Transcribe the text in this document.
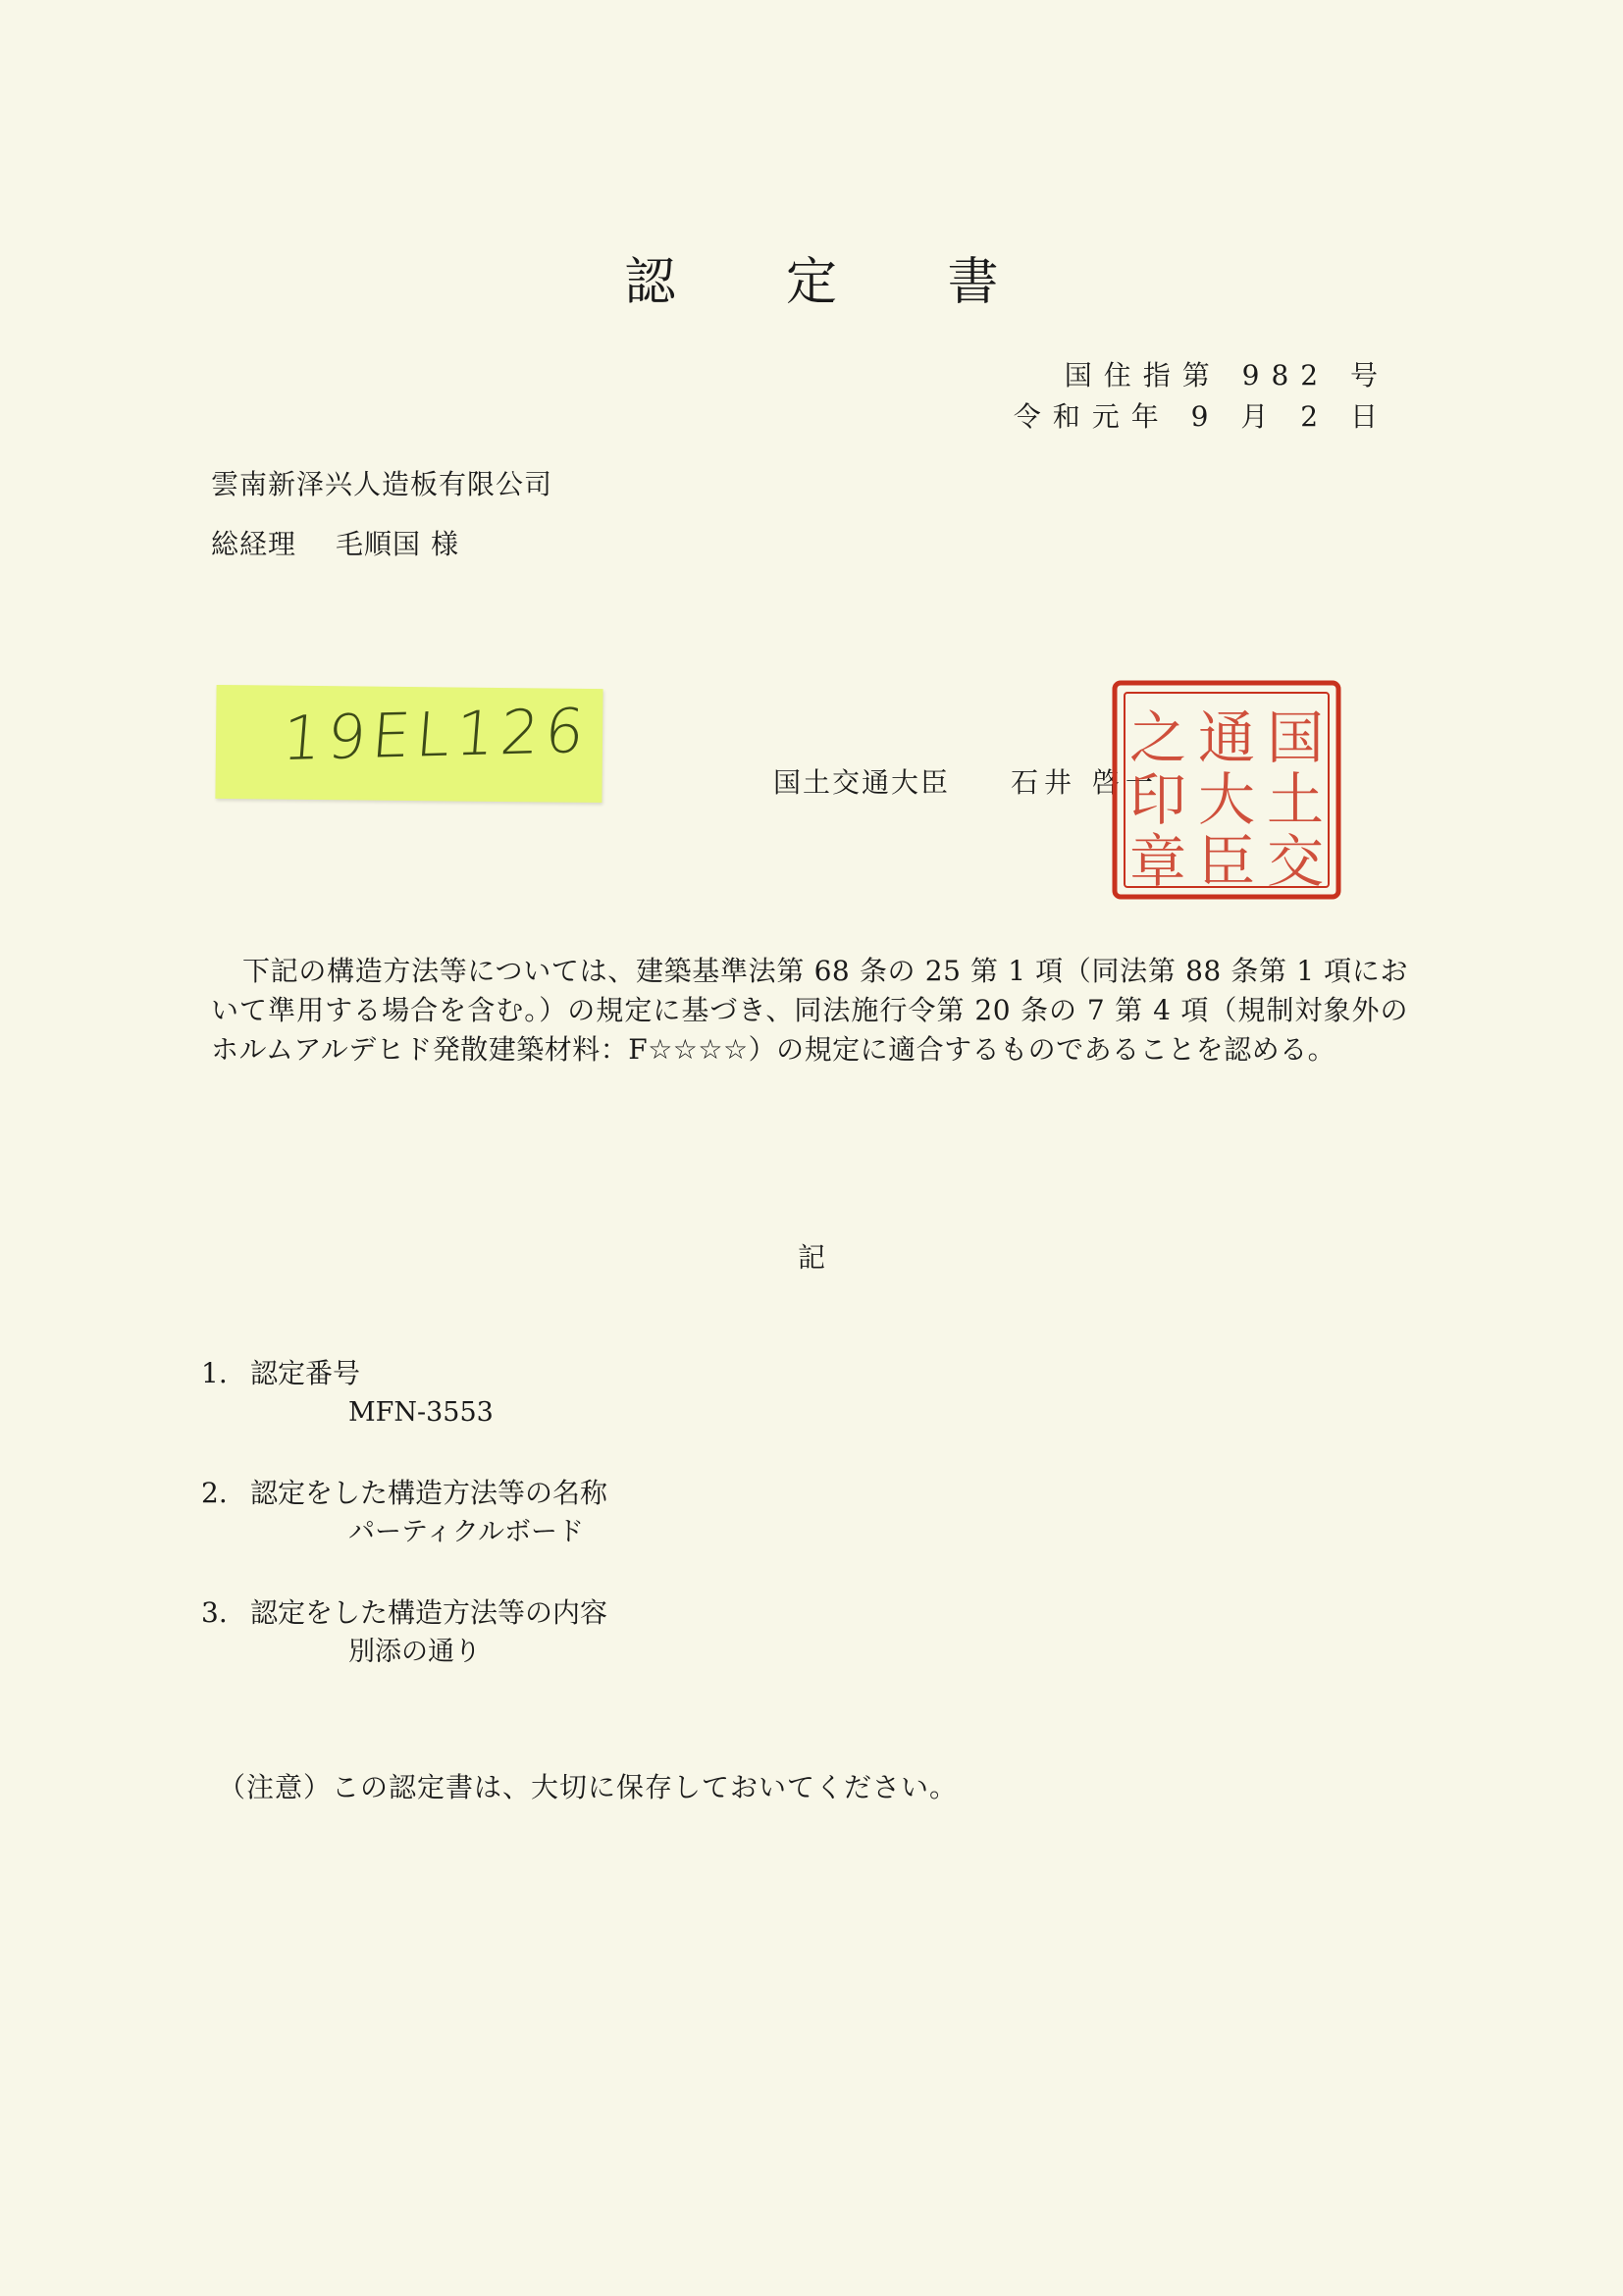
認 定 書
国住指第 982 号
令和元年 9 月 2 日
雲南新泽兴人造板有限公司
総経理 毛順国 様
19EL126
国土交通大臣 石井 啓一
国
土
交
通
大
臣
之
印
章
下記の構造方法等については、建築基準法第 68 条の 25 第 1 項（同法第 88 条第 1 項において準用する場合を含む。）の規定に基づき、同法施行令第 20 条の 7 第 4 項（規制対象外のホルムアルデヒド発散建築材料：F☆☆☆☆）の規定に適合するものであることを認める。
記
1. 認定番号
MFN-3553
2. 認定をした構造方法等の名称
パーティクルボード
3. 認定をした構造方法等の内容
別添の通り
（注意）この認定書は、大切に保存しておいてください。
